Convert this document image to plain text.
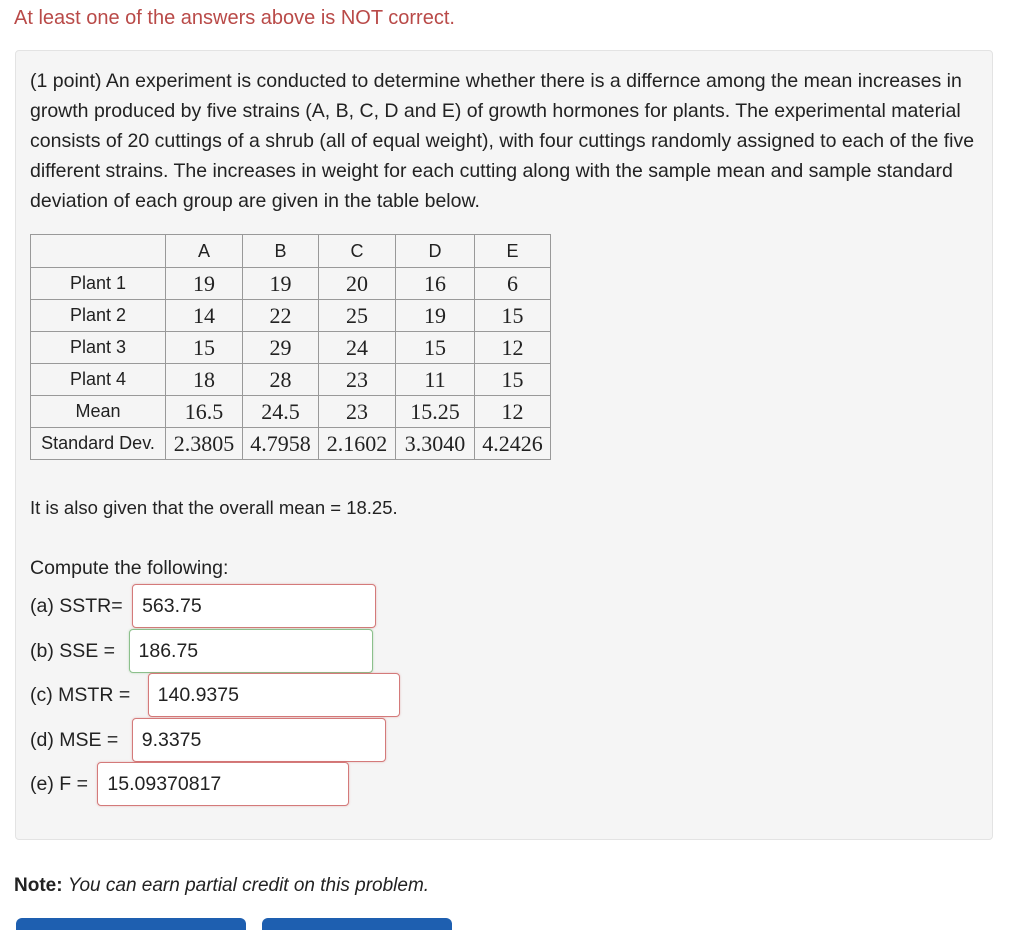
At least one of the answers above is NOT correct.

(1 point) An experiment is conducted to determine whether there is a differnce among the mean increases in growth produced by five strains (A, B, C, D and E) of growth hormones for plants. The experimental material consists of 20 cuttings of a shrub (all of equal weight), with four cuttings randomly assigned to each of the five different strains. The increases in weight for each cutting along with the sample mean and sample standard deviation of each group are given in the table below.

	A	B	C	D	E
Plant 1	19	19	20	16	6
Plant 2	14	22	25	19	15
Plant 3	15	29	24	15	12
Plant 4	18	28	23	11	15
Mean	16.5	24.5	23	15.25	12
Standard Dev.	2.3805	4.7958	2.1602	3.3040	4.2426

It is also given that the overall mean = 18.25.

Compute the following:

(a) SSTR=
563.75
(b) SSE =
186.75
(c) MSTR =
140.9375
(d) MSE =
9.3375
(e) F =
15.09370817

Note: You can earn partial credit on this problem.
